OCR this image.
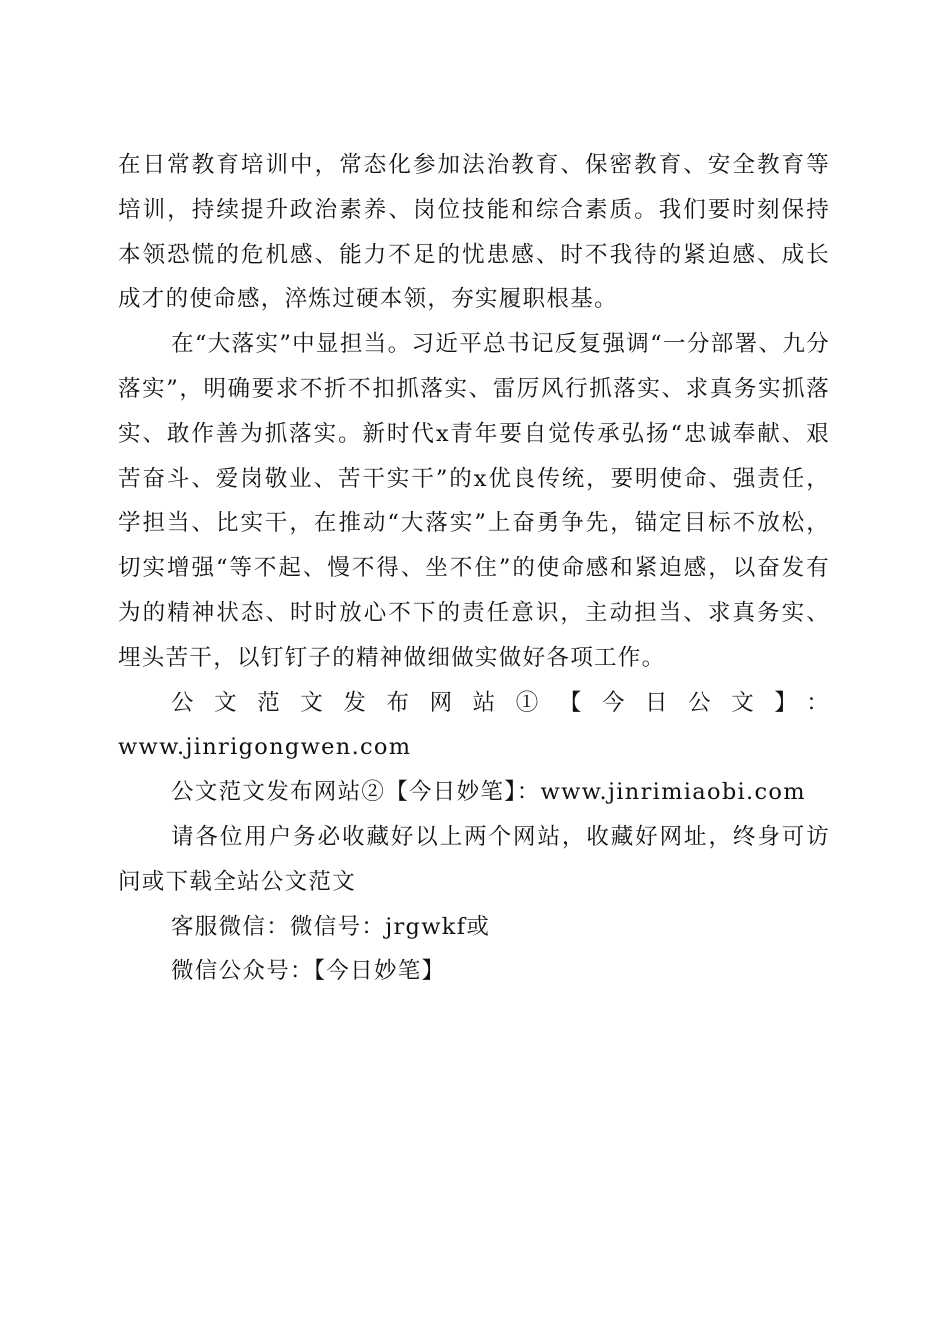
在日常教育培训中，常态化参加法治教育、保密教育、安全教育等培训，持续提升政治素养、岗位技能和综合素质。我们要时刻保持本领恐慌的危机感、能力不足的忧患感、时不我待的紧迫感、成长成才的使命感，淬炼过硬本领，夯实履职根基。

在“大落实”中显担当。习近平总书记反复强调“一分部署、九分落实”，明确要求不折不扣抓落实、雷厉风行抓落实、求真务实抓落实、敢作善为抓落实。新时代x青年要自觉传承弘扬“忠诚奉献、艰苦奋斗、爱岗敬业、苦干实干”的x优良传统，要明使命、强责任，学担当、比实干，在推动“大落实”上奋勇争先，锚定目标不放松，切实增强“等不起、慢不得、坐不住”的使命感和紧迫感，以奋发有为的精神状态、时时放心不下的责任意识，主动担当、求真务实、埋头苦干，以钉钉子的精神做细做实做好各项工作。

公文范文发布网站①【今日公文】：

www.jinrigongwen.com

公文范文发布网站②【今日妙笔】：www.jinrimiaobi.com

请各位用户务必收藏好以上两个网站，收藏好网址，终身可访问或下载全站公文范文

客服微信：微信号：jrgwkf或

微信公众号：【今日妙笔】
